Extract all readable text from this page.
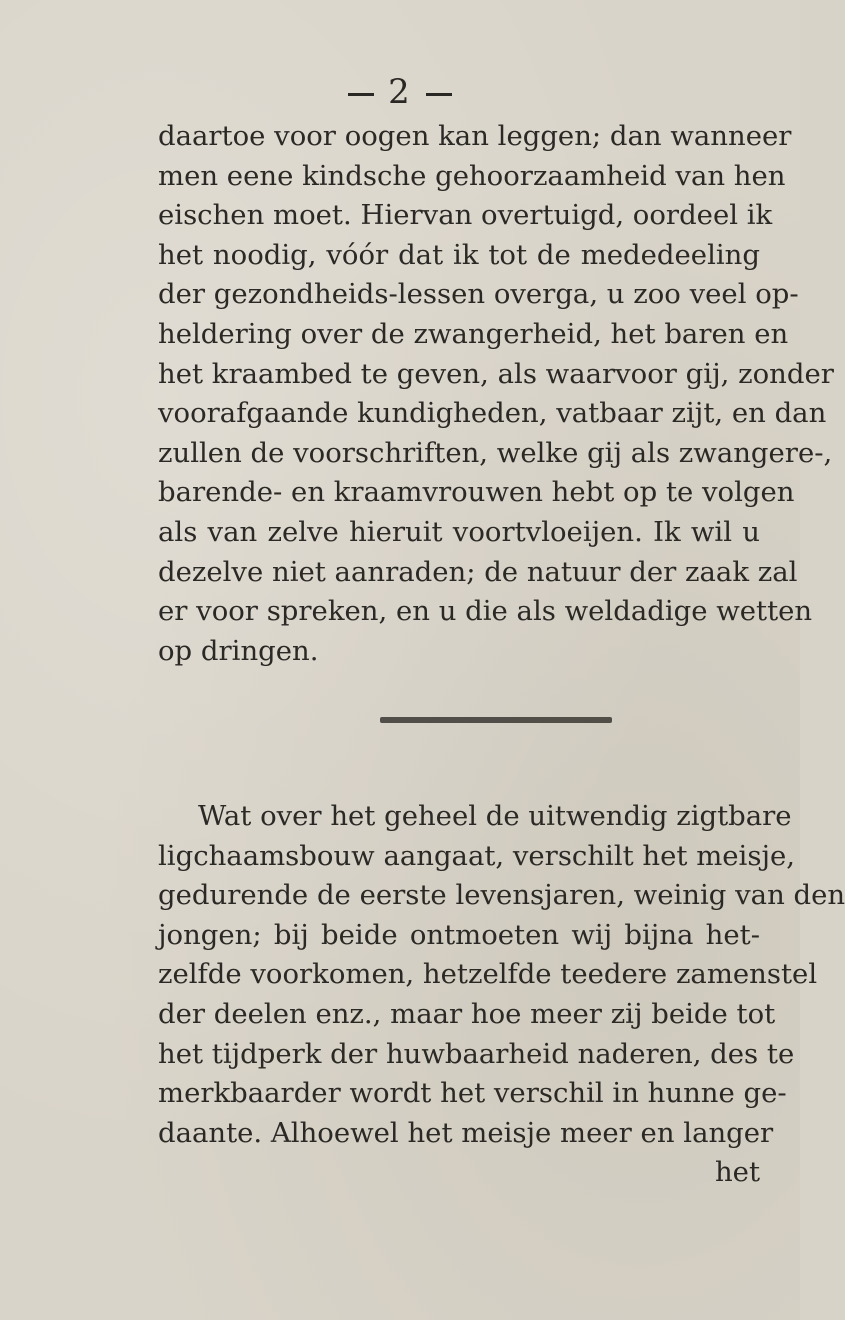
2
daartoe voor oogen kan leggen; dan wanneer
men eene kindsche gehoorzaamheid van hen
eischen moet. Hiervan overtuigd, oordeel ik
het noodig, vóór dat ik tot de mededeeling
der gezondheids-lessen overga, u zoo veel op-
heldering over de zwangerheid, het baren en
het kraambed te geven, als waarvoor gij, zonder
voorafgaande kundigheden, vatbaar zijt, en dan
zullen de voorschriften, welke gij als zwangere-,
barende- en kraamvrouwen hebt op te volgen
als van zelve hieruit voortvloeijen. Ik wil u
dezelve niet aanraden; de natuur der zaak zal
er voor spreken, en u die als weldadige wetten
op dringen.
Wat over het geheel de uitwendig zigtbare
ligchaamsbouw aangaat, verschilt het meisje,
gedurende de eerste levensjaren, weinig van den
jongen; bij beide ontmoeten wij bijna het-
zelfde voorkomen, hetzelfde teedere zamenstel
der deelen enz., maar hoe meer zij beide tot
het tijdperk der huwbaarheid naderen, des te
merkbaarder wordt het verschil in hunne ge-
daante. Alhoewel het meisje meer en langer
het
